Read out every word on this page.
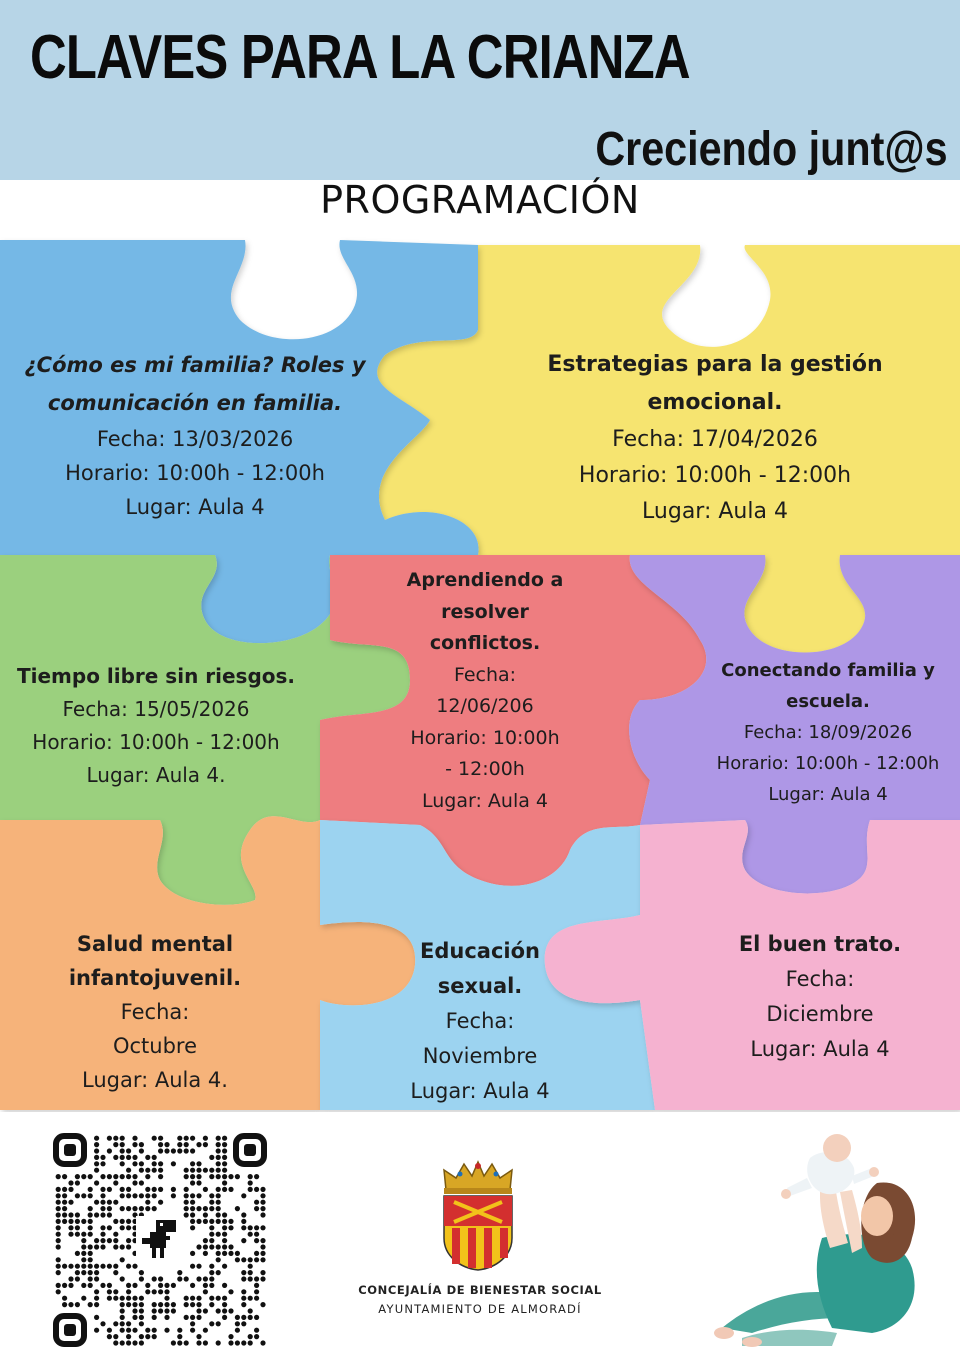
CLAVES PARA LA CRIANZA
Creciendo junt@s
PROGRAMACIÓN
¿Cómo es mi familia? Roles y comunicación en familia.
Fecha: 13/03/2026
Horario: 10:00h - 12:00h
Lugar: Aula 4
Estrategias para la gestión emocional.
Fecha: 17/04/2026
Horario: 10:00h - 12:00h
Lugar: Aula 4
Tiempo libre sin riesgos.
Fecha: 15/05/2026
Horario: 10:00h - 12:00h
Lugar: Aula 4.
Aprendiendo a resolver conflictos.
Fecha:
12/06/206
Horario: 10:00h
- 12:00h
Lugar: Aula 4
Conectando familia y escuela.
Fecha: 18/09/2026
Horario: 10:00h - 12:00h
Lugar: Aula 4
Salud mental infantojuvenil.
Fecha:
Octubre
Lugar: Aula 4.
Educación sexual.
Fecha:
Noviembre
Lugar: Aula 4
El buen trato.
Fecha:
Diciembre
Lugar: Aula 4
CONCEJALÍA DE BIENESTAR SOCIAL
AYUNTAMIENTO DE ALMORADÍ
